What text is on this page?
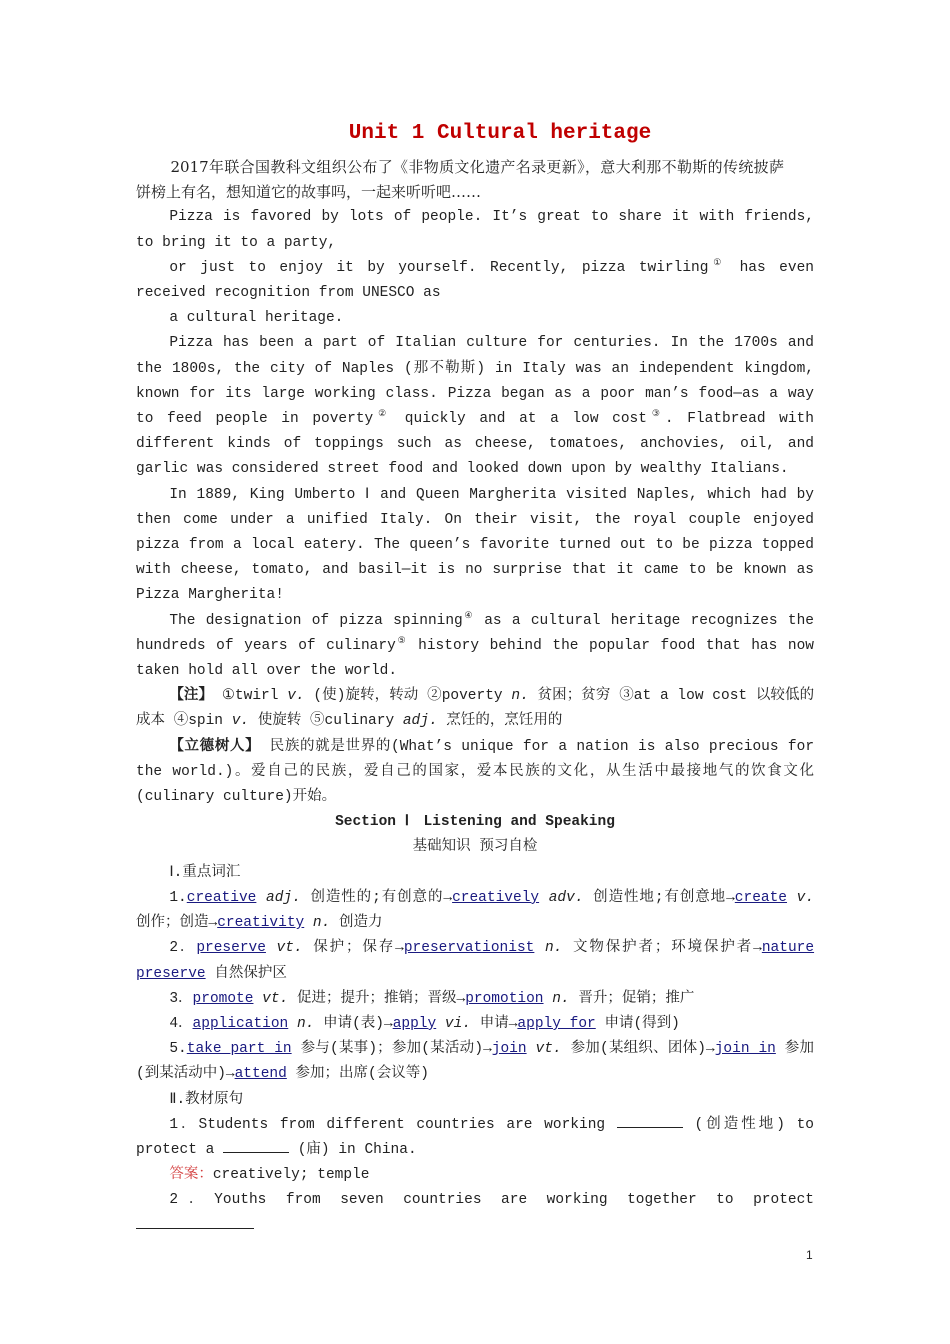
Unit 1 Cultural heritage

2017年联合国教科文组织公布了《非物质文化遗产名录更新》，意大利那不勒斯的传统披萨饼榜上有名，想知道它的故事吗，一起来听听吧……

Pizza is favored by lots of people. It’s great to share it with friends, to bring it to a party,

or just to enjoy it by yourself. Recently, pizza twirling① has even received recognition from UNESCO as

a cultural heritage.

Pizza has been a part of Italian culture for centuries. In the 1700s and the 1800s, the city of Naples (那不勒斯) in Italy was an independent kingdom, known for its large working class. Pizza began as a poor man’s food—as a way to feed people in poverty② quickly and at a low cost③. Flatbread with different kinds of toppings such as cheese, tomatoes, anchovies, oil, and garlic was considered street food and looked down upon by wealthy Italians.

In 1889, King Umberto Ⅰ and Queen Margherita visited Naples, which had by then come under a unified Italy. On their visit, the royal couple enjoyed pizza from a local eatery. The queen’s favorite turned out to be pizza topped with cheese, tomato, and basil—it is no surprise that it came to be known as Pizza Margherita!

The designation of pizza spinning④ as a cultural heritage recognizes the hundreds of years of culinary⑤ history behind the popular food that has now taken hold all over the world.

【注】 ①twirl v. (使)旋转，转动 ②poverty n. 贫困；贫穷 ③at a low cost 以较低的成本 ④spin v. 使旋转 ⑤culinary adj. 烹饪的，烹饪用的

【立德树人】 民族的就是世界的(What’s unique for a nation is also precious for the world.)。爱自己的民族，爱自己的国家，爱本民族的文化，从生活中最接地气的饮食文化(culinary culture)开始。

Section Ⅰ　Listening and Speaking

基础知识 预习自检

Ⅰ.重点词汇

1.creative adj. 创造性的;有创意的→creatively adv. 创造性地;有创意地→create v. 创作；创造→creativity n. 创造力

2．preserve vt. 保护；保存→preservationist n. 文物保护者；环境保护者→nature preserve 自然保护区

3．promote vt. 促进；提升；推销；晋级→promotion n. 晋升；促销；推广

4．application n. 申请(表)→apply vi. 申请→apply for 申请(得到)

5.take part in 参与(某事)；参加(某活动)→join vt. 参加(某组织、团体)→join in 参加(到某活动中)→attend 参加；出席(会议等)

Ⅱ.教材原句

1．Students from different countries are working	(创造性地) to protect a	(庙) in China.

答案：creatively; temple

2．Youths from seven countries are working together to protect

1
